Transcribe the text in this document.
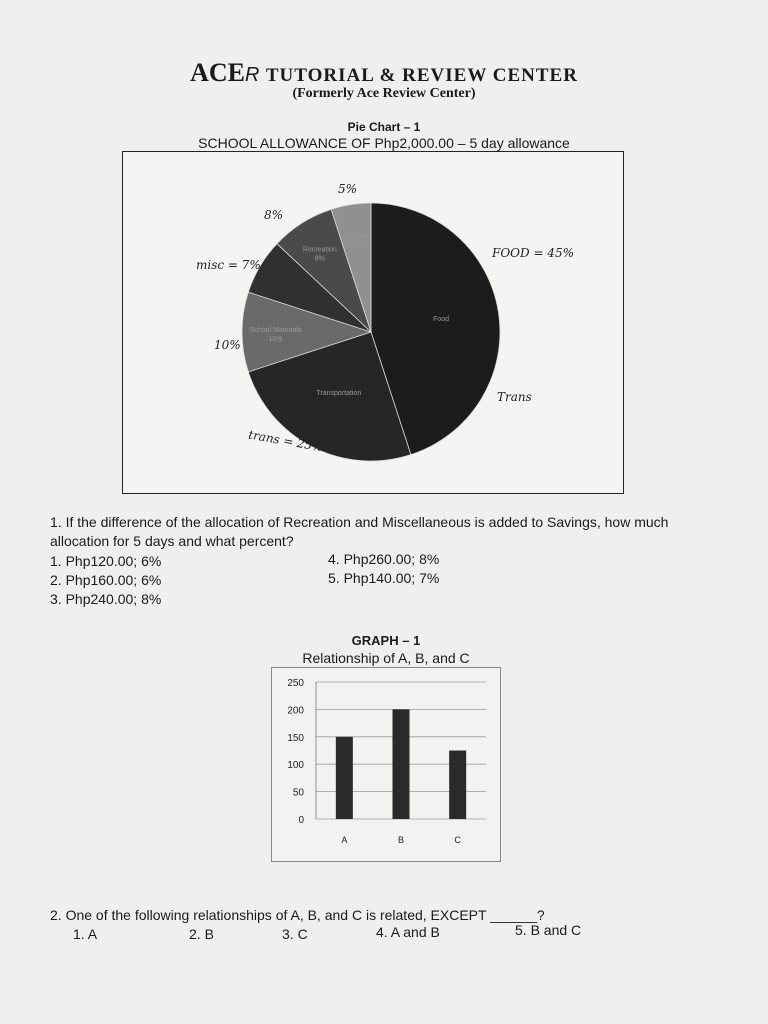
ACER TUTORIAL & REVIEW CENTER
(Formerly Ace Review Center)
Pie Chart – 1
SCHOOL ALLOWANCE OF Php2,000.00 – 5 day allowance
Food
Transportation
School Materials 10%
Recreation 8%
Savings 5%
5%
8%
misc = 7%
FOOD = 45%
10%
Trans
trans = 25%
1. If the difference of the allocation of Recreation and Miscellaneous is added to Savings, how much allocation for 5 days and what percent?
1. Php120.00; 6%
2. Php160.00; 6%
3. Php240.00; 8%
4. Php260.00; 8%
5. Php140.00; 7%
GRAPH – 1
Relationship of A, B, and C
0
50
100
150
200
250
A	B	C
2. One of the following relationships of A, B, and C is related, EXCEPT ______?
1. A	2. B	3. C	4. A and B	5. B and C
